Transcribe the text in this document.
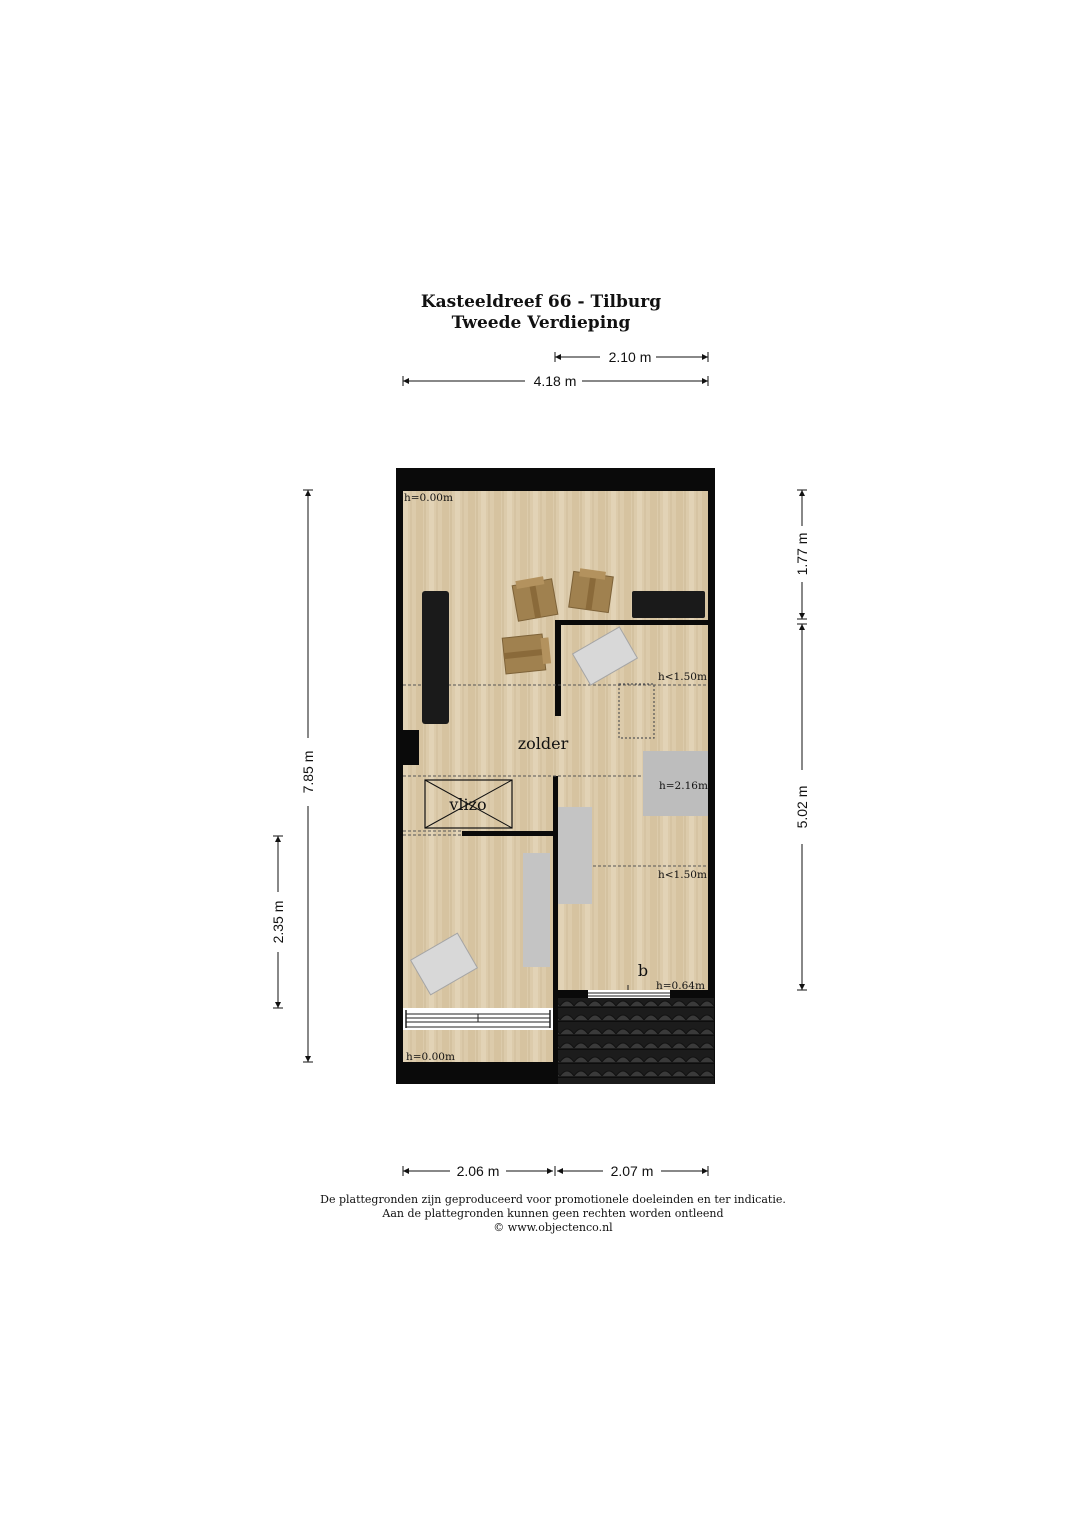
Kasteeldreef 66 - Tilburg
Tweede Verdieping
2.10 m
4.18 m
7.85 m
2.35 m
1.77 m
5.02 m
zolder
vlizo
b
h=0.00m
h<1.50m
h=2.16m
h<1.50m
h=0.64m
h=0.00m
2.06 m	2.07 m
De plattegronden zijn geproduceerd voor promotionele doeleinden en ter indicatie.
Aan de plattegronden kunnen geen rechten worden ontleend
© www.objectenco.nl
